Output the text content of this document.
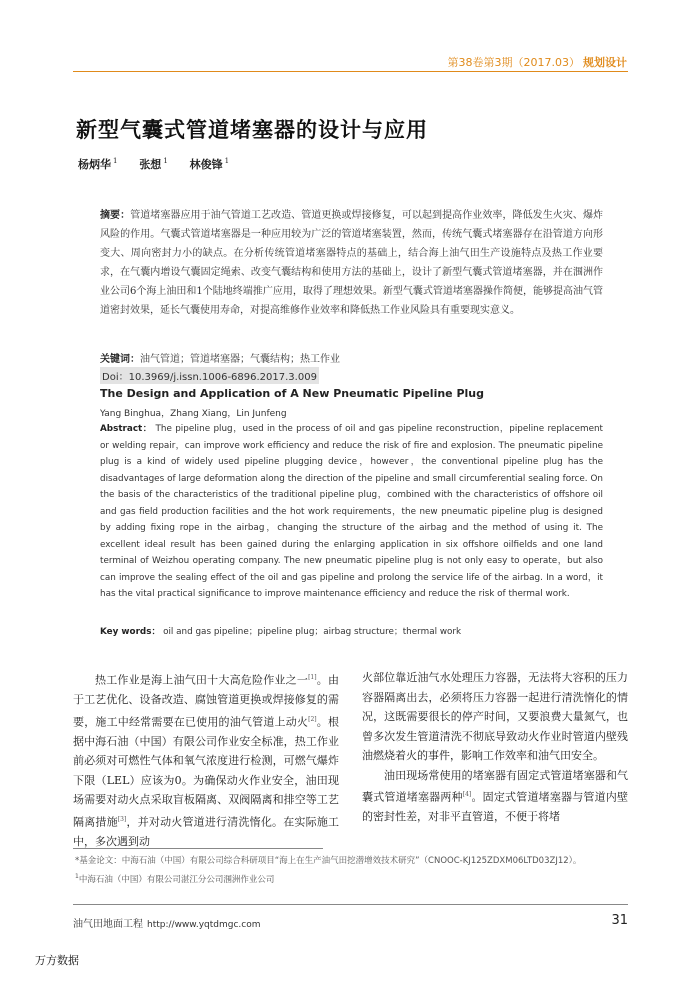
第38卷第3期（2017.03） 规划设计
新型气囊式管道堵塞器的设计与应用
杨炳华 $^1$ 张想 $^1$ 林俊锋 $^1$
摘要：管道堵塞器应用于油气管道工艺改造、管道更换或焊接修复，可以起到提高作业效率，降低发生火灾、爆炸风险的作用。气囊式管道堵塞器是一种应用较为广泛的管道堵塞装置，然而，传统气囊式堵塞器存在沿管道方向形变大、周向密封力小的缺点。在分析传统管道堵塞器特点的基础上，结合海上油气田生产设施特点及热工作业要求，在气囊内增设气囊固定绳索、改变气囊结构和使用方法的基础上，设计了新型气囊式管道堵塞器，并在涠洲作业公司6个海上油田和1个陆地终端推广应用，取得了理想效果。新型气囊式管道堵塞器操作简便，能够提高油气管道密封效果，延长气囊使用寿命，对提高维修作业效率和降低热工作业风险具有重要现实意义。
关键词：油气管道；管道堵塞器；气囊结构；热工作业
Doi：10.3969/j.issn.1006-6896.2017.3.009
The Design and Application of A New Pneumatic Pipeline Plug
Yang Binghua，Zhang Xiang，Lin Junfeng
Abstract： The pipeline plug，used in the process of oil and gas pipeline reconstruction，pipeline replacement or welding repair，can improve work efficiency and reduce the risk of fire and explosion. The pneumatic pipeline plug is a kind of widely used pipeline plugging device，however，the conventional pipeline plug has the disadvantages of large deformation along the direction of the pipeline and small circumferential sealing force. On the basis of the characteristics of the traditional pipeline plug，combined with the characteristics of offshore oil and gas field production facilities and the hot work requirements，the new pneumatic pipeline plug is designed by adding fixing rope in the airbag，changing the structure of the airbag and the method of using it. The excellent ideal result has been gained during the enlarging application in six offshore oilfields and one land terminal of Weizhou operating company. The new pneumatic pipeline plug is not only easy to operate，but also can improve the sealing effect of the oil and gas pipeline and prolong the service life of the airbag. In a word，it has the vital practical significance to improve maintenance efficiency and reduce the risk of thermal work.
Key words： oil and gas pipeline；pipeline plug；airbag structure；thermal work

热工作业是海上油气田十大高危险作业之一[1]。由于工艺优化、设备改造、腐蚀管道更换或焊接修复的需要，施工中经常需要在已使用的油气管道上动火[2]。根据中海石油（中国）有限公司作业安全标准，热工作业前必须对可燃性气体和氧气浓度进行检测，可燃气爆炸下限（LEL）应该为0。为确保动火作业安全，油田现场需要对动火点采取盲板隔离、双阀隔离和排空等工艺隔离措施[3]，并对动火管道进行清洗惰化。在实际施工中，多次遇到动

火部位靠近油气水处理压力容器，无法将大容积的压力容器隔离出去，必须将压力容器一起进行清洗惰化的情况，这既需要很长的停产时间，又要浪费大量氮气，也曾多次发生管道清洗不彻底导致动火作业时管道内壁残油燃烧着火的事件，影响工作效率和油气田安全。

油田现场常使用的堵塞器有固定式管道堵塞器和气囊式管道堵塞器两种[4]。固定式管道堵塞器与管道内壁的密封性差，对非平直管道，不便于将堵

*基金论文：中海石油（中国）有限公司综合科研项目“海上在生产油气田挖潜增效技术研究”（CNOOC-KJ125ZDXM06LTD03ZJ12）。

$^1$中海石油（中国）有限公司湛江分公司涠洲作业公司

油气田地面工程 http://www.yqtdmgc.com	31
万方数据
